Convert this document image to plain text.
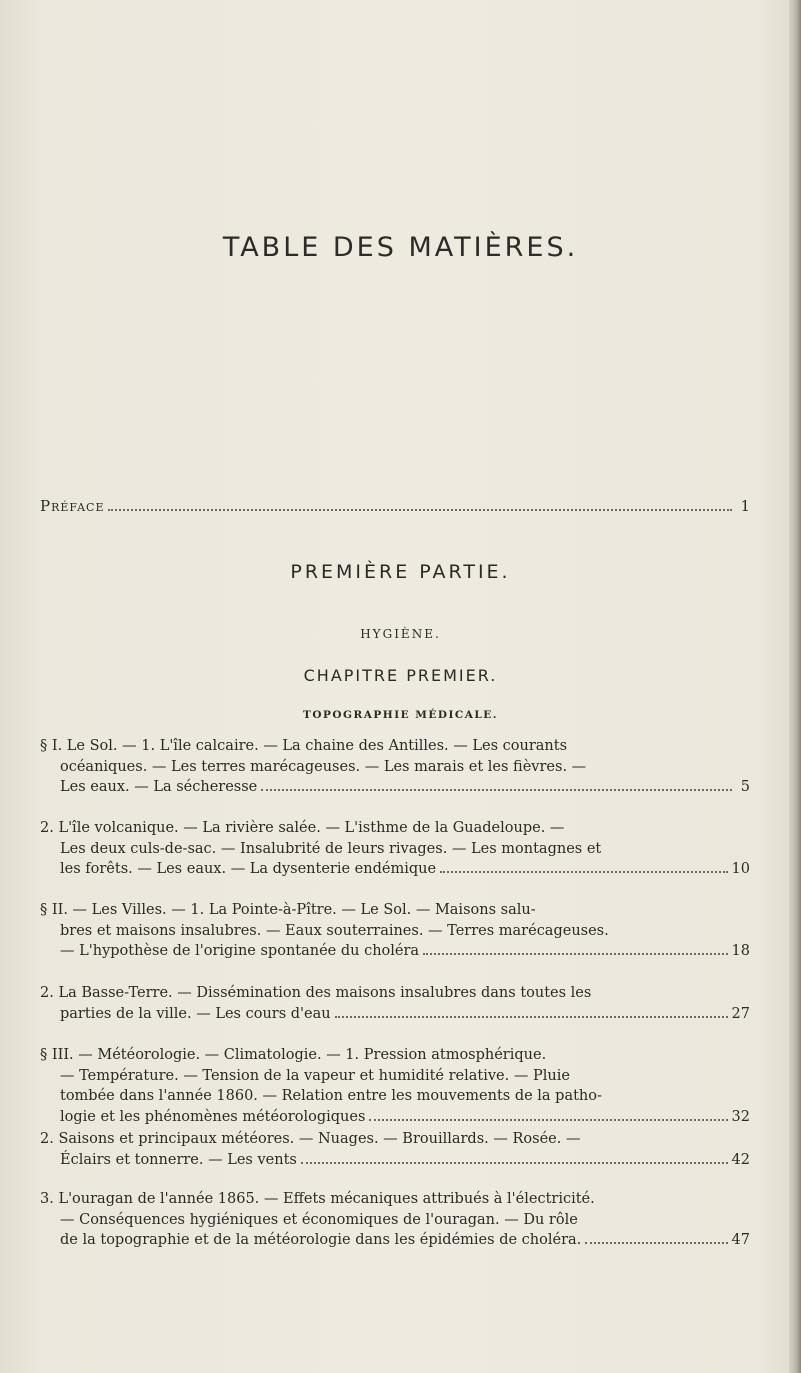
TABLE DES MATIÈRES.
Préface	1
PREMIÈRE PARTIE.
HYGIÈNE.
CHAPITRE PREMIER.
TOPOGRAPHIE MÉDICALE.
§ I. Le Sol. — 1. L'île calcaire. — La chaine des Antilles. — Les courants
océaniques. — Les terres marécageuses. — Les marais et les fièvres. —
Les eaux. — La sécheresse	5
2. L'île volcanique. — La rivière salée. — L'isthme de la Guadeloupe. —
Les deux culs-de-sac. — Insalubrité de leurs rivages. — Les montagnes et
les forêts. — Les eaux. — La dysenterie endémique	10
§ II. — Les Villes. — 1. La Pointe-à-Pître. — Le Sol. — Maisons salu-
bres et maisons insalubres. — Eaux souterraines. — Terres marécageuses.
— L'hypothèse de l'origine spontanée du choléra	18
2. La Basse-Terre. — Dissémination des maisons insalubres dans toutes les
parties de la ville. — Les cours d'eau	27
§ III. — Météorologie. — Climatologie. — 1. Pression atmosphérique.
— Température. — Tension de la vapeur et humidité relative. — Pluie
tombée dans l'année 1860. — Relation entre les mouvements de la patho-
logie et les phénomènes météorologiques	32
2. Saisons et principaux météores. — Nuages. — Brouillards. — Rosée. —
Éclairs et tonnerre. — Les vents	42
3. L'ouragan de l'année 1865. — Effets mécaniques attribués à l'électricité.
— Conséquences hygiéniques et économiques de l'ouragan. — Du rôle
de la topographie et de la météorologie dans les épidémies de choléra.	47
